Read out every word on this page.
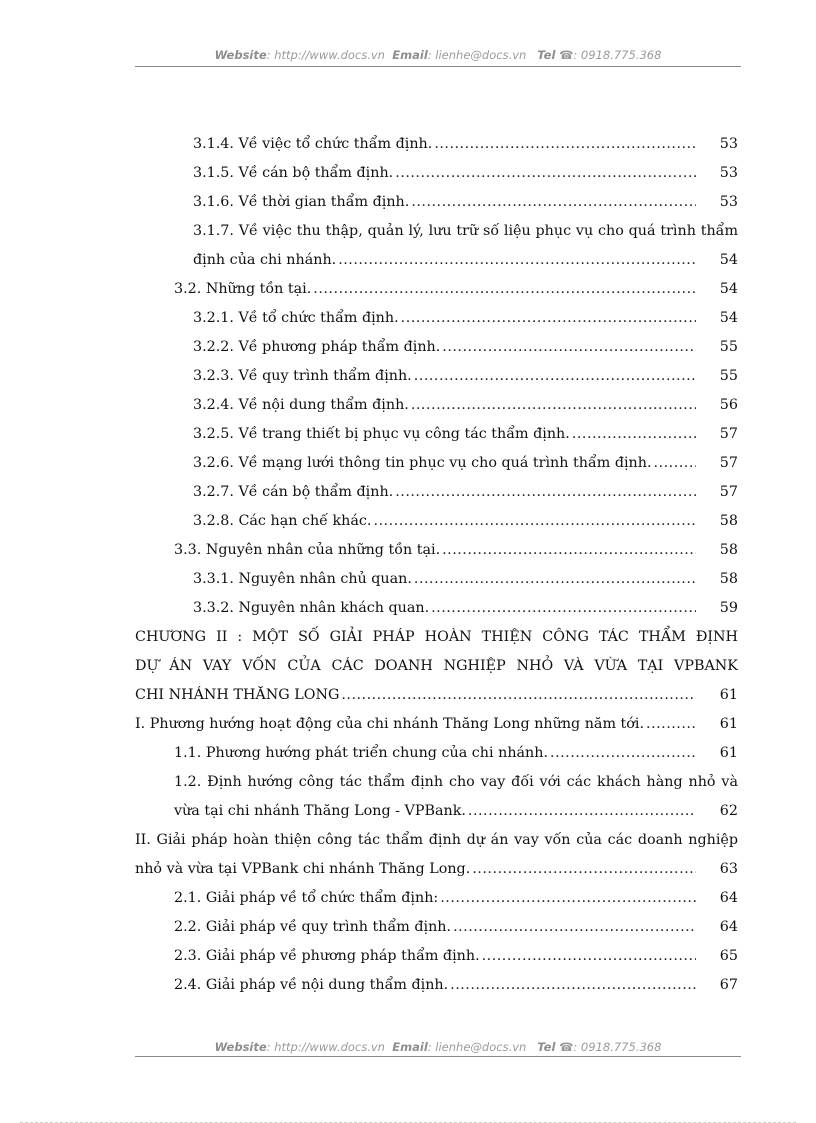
Website: http://www.docs.vn Email: lienhe@docs.vn Tel ☎: 0918.775.368
3.1.4. Về việc tổ chức thẩm định. .....	53
3.1.5. Về cán bộ thẩm định. .....	53
3.1.6. Về thời gian thẩm định. .....	53
3.1.7. Về việc thu thập, quản lý, lưu trữ số liệu phục vụ cho quá trình thẩm
định của chi nhánh. .....	54
3.2. Những tồn tại. .....	54
3.2.1. Về tổ chức thẩm định. .....	54
3.2.2. Về phương pháp thẩm định. .....	55
3.2.3. Về quy trình thẩm định. .....	55
3.2.4. Về nội dung thẩm định. .....	56
3.2.5. Về trang thiết bị phục vụ công tác thẩm định. .....	57
3.2.6. Về mạng lưới thông tin phục vụ cho quá trình thẩm định. .....	57
3.2.7. Về cán bộ thẩm định. .....	57
3.2.8. Các hạn chế khác. .....	58
3.3. Nguyên nhân của những tồn tại. .....	58
3.3.1. Nguyên nhân chủ quan. .....	58
3.3.2. Nguyên nhân khách quan. .....	59
CHƯƠNG II : MỘT SỐ GIẢI PHÁP HOÀN THIỆN CÔNG TÁC THẨM ĐỊNH
DỰ ÁN VAY VỐN CỦA CÁC DOANH NGHIỆP NHỎ VÀ VỪA TẠI VPBANK
CHI NHÁNH THĂNG LONG .....	61
I. Phương hướng hoạt động của chi nhánh Thăng Long những năm tới. .....	61
1.1. Phương hướng phát triển chung của chi nhánh. .....	61
1.2. Định hướng công tác thẩm định cho vay đối với các khách hàng nhỏ và
vừa tại chi nhánh Thăng Long - VPBank. .....	62
II. Giải pháp hoàn thiện công tác thẩm định dự án vay vốn của các doanh nghiệp
nhỏ và vừa tại VPBank chi nhánh Thăng Long. .....	63
2.1. Giải pháp về tổ chức thẩm định: .....	64
2.2. Giải pháp về quy trình thẩm định. .....	64
2.3. Giải pháp về phương pháp thẩm định. .....	65
2.4. Giải pháp về nội dung thẩm định. .....	67
Website: http://www.docs.vn Email: lienhe@docs.vn Tel ☎: 0918.775.368
